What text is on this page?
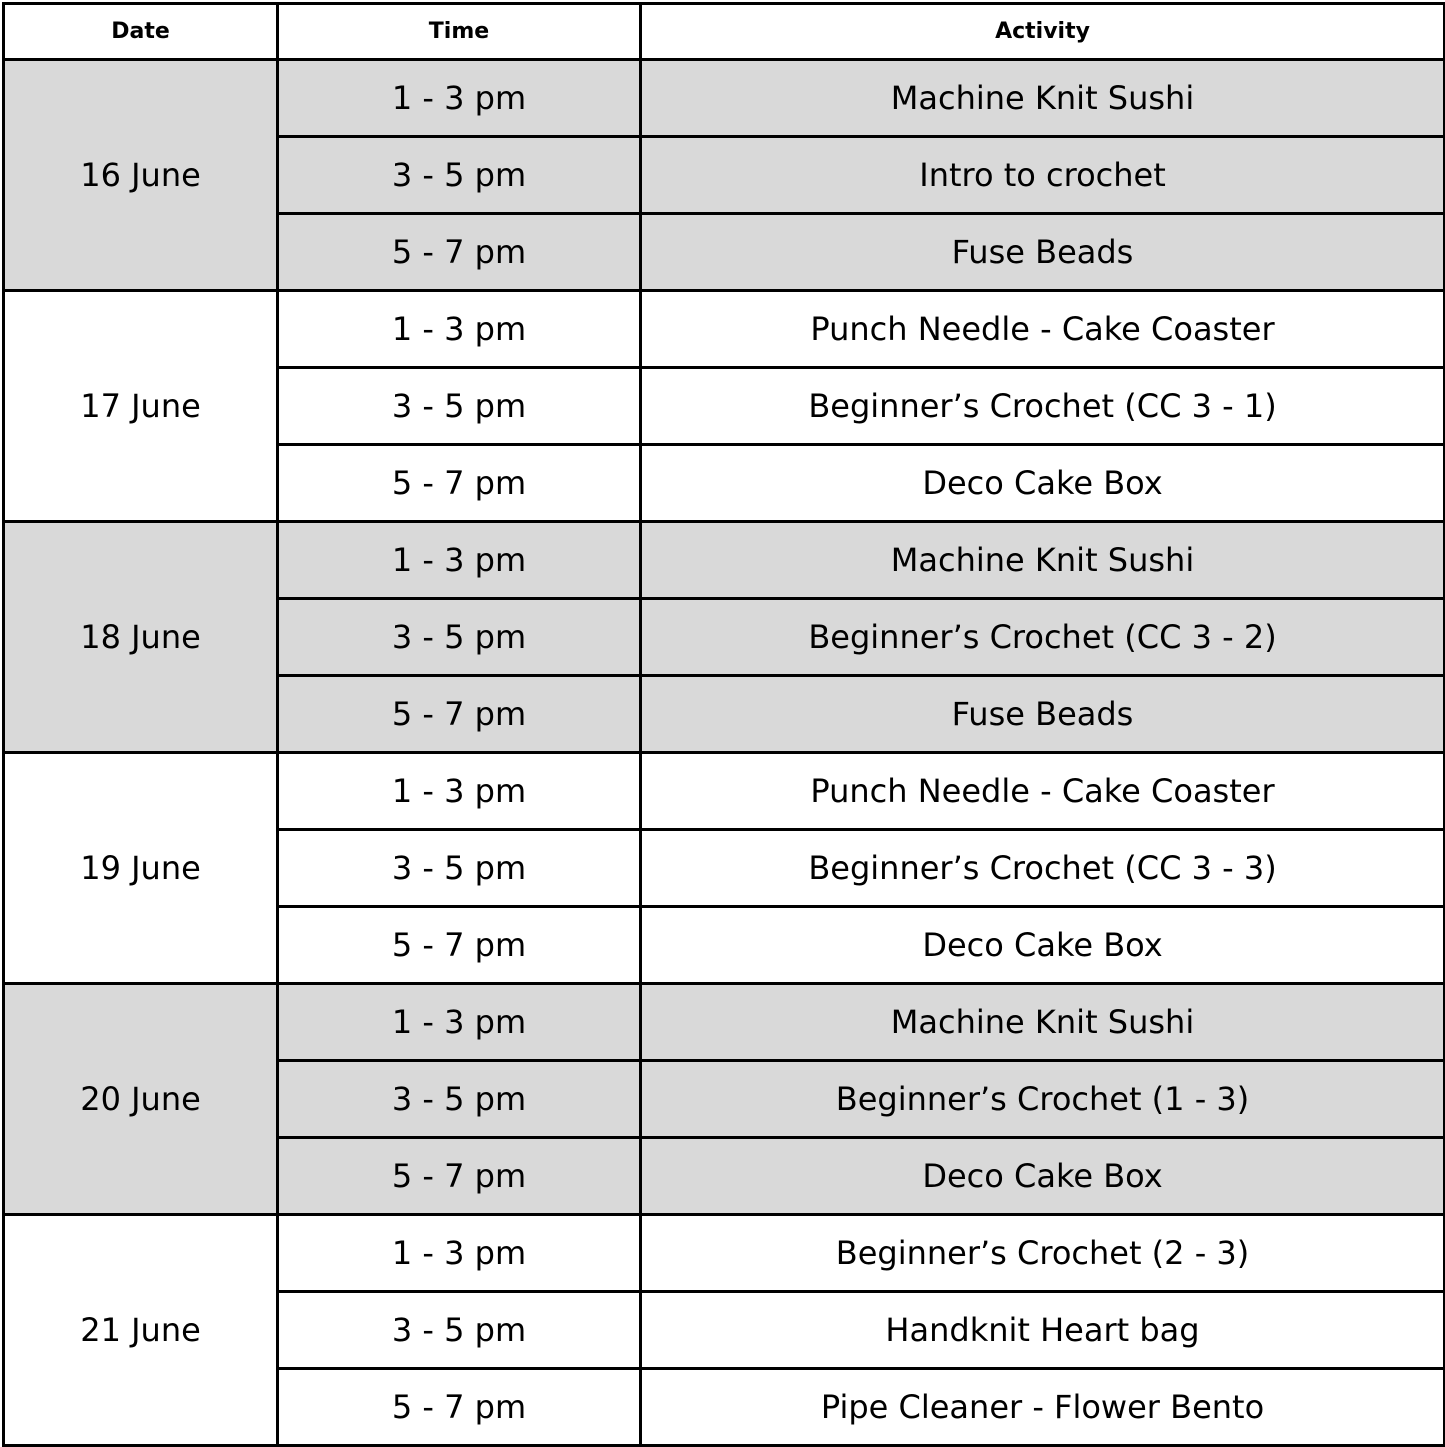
Date	Time	Activity
16 June	1 - 3 pm	Machine Knit Sushi
	3 - 5 pm	Intro to crochet
	5 - 7 pm	Fuse Beads
17 June	1 - 3 pm	Punch Needle - Cake Coaster
	3 - 5 pm	Beginner’s Crochet (CC 3 - 1)
	5 - 7 pm	Deco Cake Box
18 June	1 - 3 pm	Machine Knit Sushi
	3 - 5 pm	Beginner’s Crochet (CC 3 - 2)
	5 - 7 pm	Fuse Beads
19 June	1 - 3 pm	Punch Needle - Cake Coaster
	3 - 5 pm	Beginner’s Crochet (CC 3 - 3)
	5 - 7 pm	Deco Cake Box
20 June	1 - 3 pm	Machine Knit Sushi
	3 - 5 pm	Beginner’s Crochet (1 - 3)
	5 - 7 pm	Deco Cake Box
21 June	1 - 3 pm	Beginner’s Crochet (2 - 3)
	3 - 5 pm	Handknit Heart bag
	5 - 7 pm	Pipe Cleaner - Flower Bento
